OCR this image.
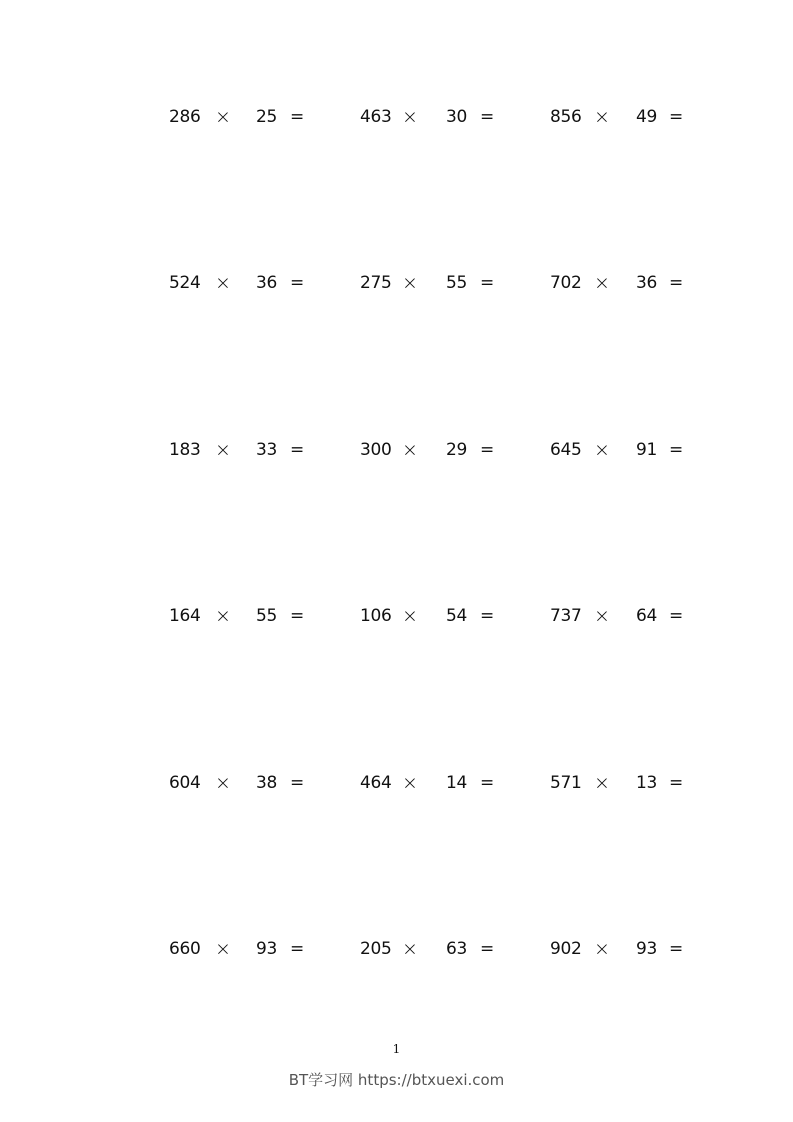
286 × 25 =	463 × 30 =	856 × 49 =
524 × 36 =	275 × 55 =	702 × 36 =
183 × 33 =	300 × 29 =	645 × 91 =
164 × 55 =	106 × 54 =	737 × 64 =
604 × 38 =	464 × 14 =	571 × 13 =
660 × 93 =	205 × 63 =	902 × 93 =
1
BT学习网 https://btxuexi.com
